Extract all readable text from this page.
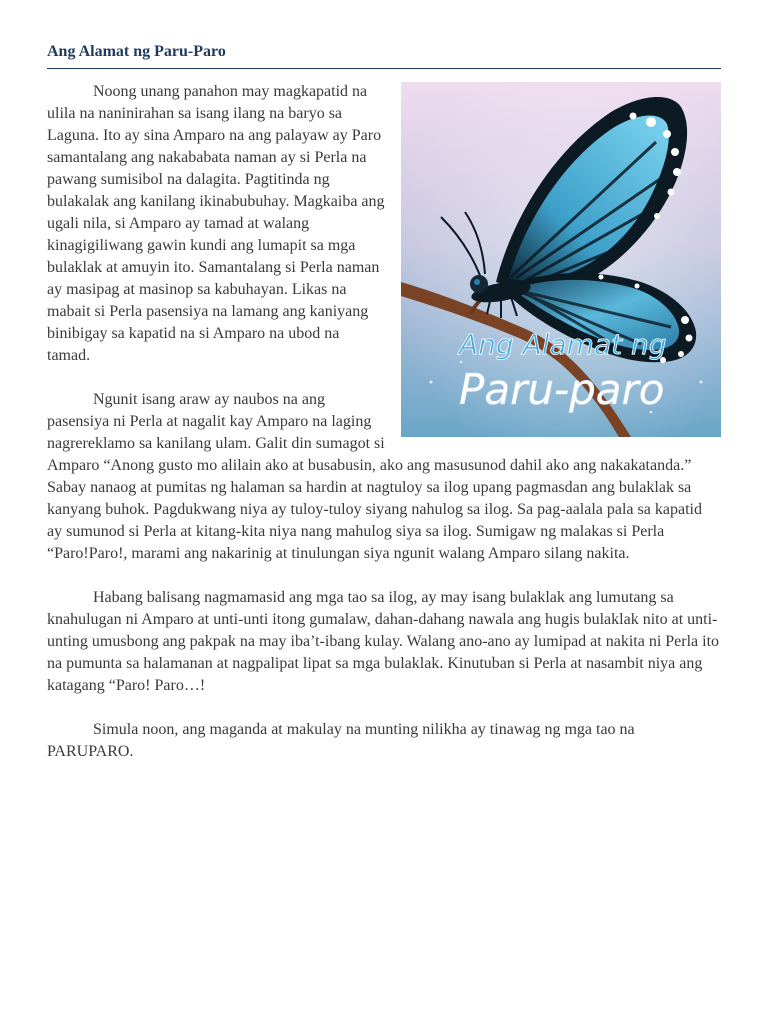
Ang Alamat ng Paru-Paro

Noong unang panahon may magkapatid na ulila na naninirahan sa isang ilang na baryo sa Laguna. Ito ay sina Amparo na ang palayaw ay Paro samantalang ang nakababata naman ay si Perla na pawang sumisibol na dalagita. Pagtitinda ng bulakalak ang kanilang ikinabubuhay. Magkaiba ang ugali nila, si Amparo ay tamad at walang kinagigiliwang gawin kundi ang lumapit sa mga bulaklak at amuyin ito. Samantalang si Perla naman ay masipag at masinop sa kabuhayan. Likas na mabait si Perla pasensiya na lamang ang kaniyang binibigay sa kapatid na si Amparo na ubod na tamad.

Ngunit isang araw ay naubos na ang pasensiya ni Perla at nagalit kay Amparo na laging nagrereklamo sa kanilang ulam. Galit din sumagot si Amparo “Anong gusto mo alilain ako at busabusin, ako ang masusunod dahil ako ang nakakatanda.” Sabay nanaog at pumitas ng halaman sa hardin at nagtuloy sa ilog upang pagmasdan ang bulaklak sa kanyang buhok. Pagdukwang niya ay tuloy-tuloy siyang nahulog sa ilog. Sa pag-aalala pala sa kapatid ay sumunod si Perla at kitang-kita niya nang mahulog siya sa ilog. Sumigaw ng malakas si Perla “Paro!Paro!, marami ang nakarinig at tinulungan siya ngunit walang Amparo silang nakita.

Habang balisang nagmamasid ang mga tao sa ilog, ay may isang bulaklak ang lumutang sa knahulugan ni Amparo at unti-unti itong gumalaw, dahan-dahang nawala ang hugis bulaklak nito at unti-unting umusbong ang pakpak na may iba’t-ibang kulay. Walang ano-ano ay lumipad at nakita ni Perla ito na pumunta sa halamanan at nagpalipat lipat sa mga bulaklak. Kinutuban si Perla at nasambit niya ang katagang “Paro! Paro…!

Simula noon, ang maganda at makulay na munting nilikha ay tinawag ng mga tao na PARUPARO.

Ang Alamat ng
Paru-paro
